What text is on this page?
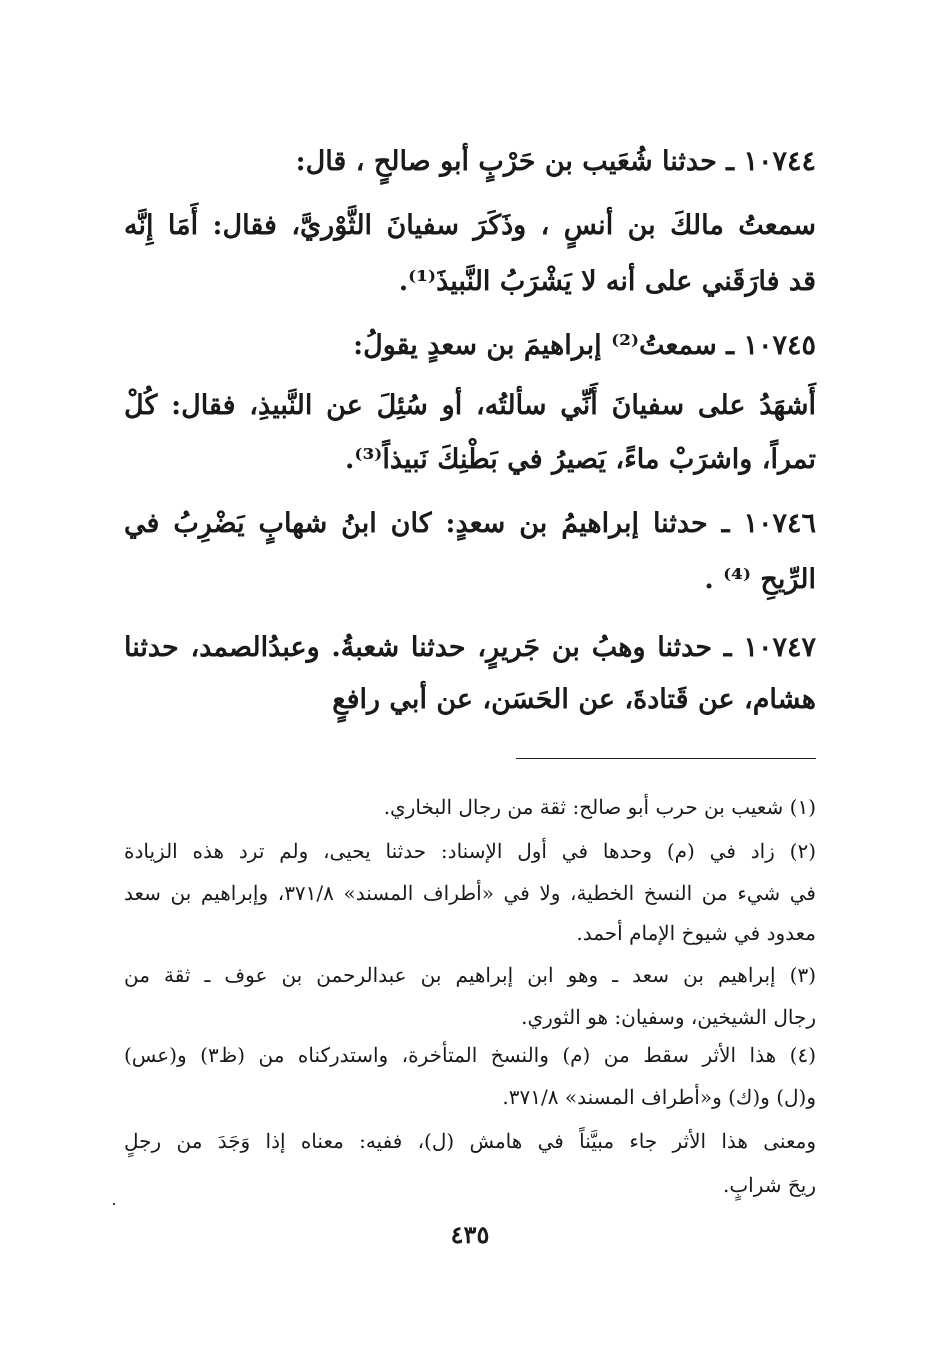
١٠٧٤٤ ـ حدثنا شُعَيب بن حَرْبٍ أبو صالحٍ ، قال:
سمعتُ مالكَ بن أنسٍ ، وذَكَرَ سفيانَ الثَّوْريَّ، فقال: أَمَا إِنَّه
قد فارَقَني على أنه لا يَشْرَبُ النَّبيذَ⁽¹⁾.
١٠٧٤٥ ـ سمعتُ⁽²⁾ إبراهيمَ بن سعدٍ يقولُ:
أَشهَدُ على سفيانَ أَنِّي سألتُه، أو سُئِلَ عن النَّبيذِ، فقال: كُلْ
تمراً، واشرَبْ ماءً، يَصيرُ في بَطْنِكَ نَبيذاً⁽³⁾.
١٠٧٤٦ ـ حدثنا إبراهيمُ بن سعدٍ: كان ابنُ شهابٍ يَضْرِبُ في
الرِّيحِ ⁽⁴⁾ .
١٠٧٤٧ ـ حدثنا وهبُ بن جَريرٍ، حدثنا شعبةُ. وعبدُالصمد، حدثنا
هشام، عن قَتادةَ، عن الحَسَن، عن أبي رافعٍ
(١) شعيب بن حرب أبو صالح: ثقة من رجال البخاري.
(٢) زاد في (م) وحدها في أول الإسناد: حدثنا يحيى، ولم ترد هذه الزيادة
في شيء من النسخ الخطية، ولا في «أطراف المسند» ٣٧١/٨، وإبراهيم بن سعد
معدود في شيوخ الإمام أحمد.
(٣) إبراهيم بن سعد ـ وهو ابن إبراهيم بن عبدالرحمن بن عوف ـ ثقة من
رجال الشيخين، وسفيان: هو الثوري.
(٤) هذا الأثر سقط من (م) والنسخ المتأخرة، واستدركناه من (ظ٣) و(عس)
و(ل) و(ك) و«أطراف المسند» ٣٧١/٨.
ومعنى هذا الأثر جاء مبيَّناً في هامش (ل)، ففيه: معناه إذا وَجَدَ من رجلٍ
ريحَ شرابٍ.
٤٣٥
